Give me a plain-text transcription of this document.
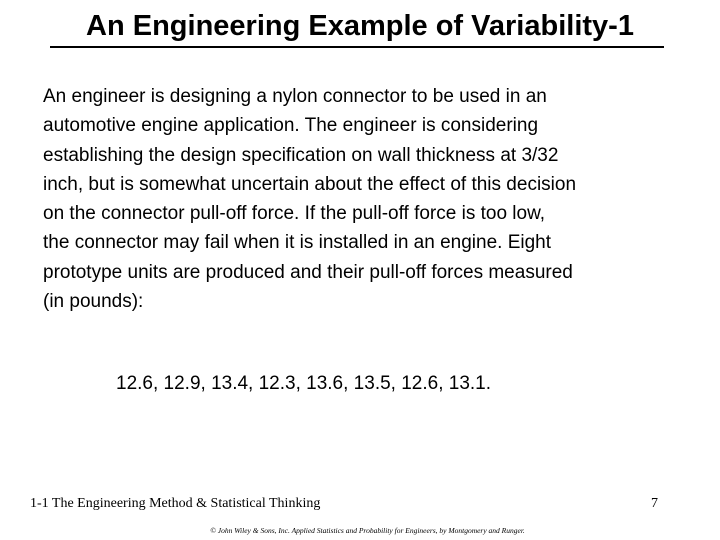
An Engineering Example of Variability-1
An engineer is designing a nylon connector to be used in an
automotive engine application. The engineer is considering
establishing the design specification on wall thickness at 3/32
inch, but is somewhat uncertain about the effect of this decision
on the connector pull-off force. If the pull-off force is too low,
the connector may fail when it is installed in an engine. Eight
prototype units are produced and their pull-off forces measured
(in pounds):
12.6, 12.9, 13.4, 12.3, 13.6, 13.5, 12.6, 13.1.
1-1 The Engineering Method & Statistical Thinking	7
© John Wiley & Sons, Inc. Applied Statistics and Probability for Engineers, by Montgomery and Runger.
